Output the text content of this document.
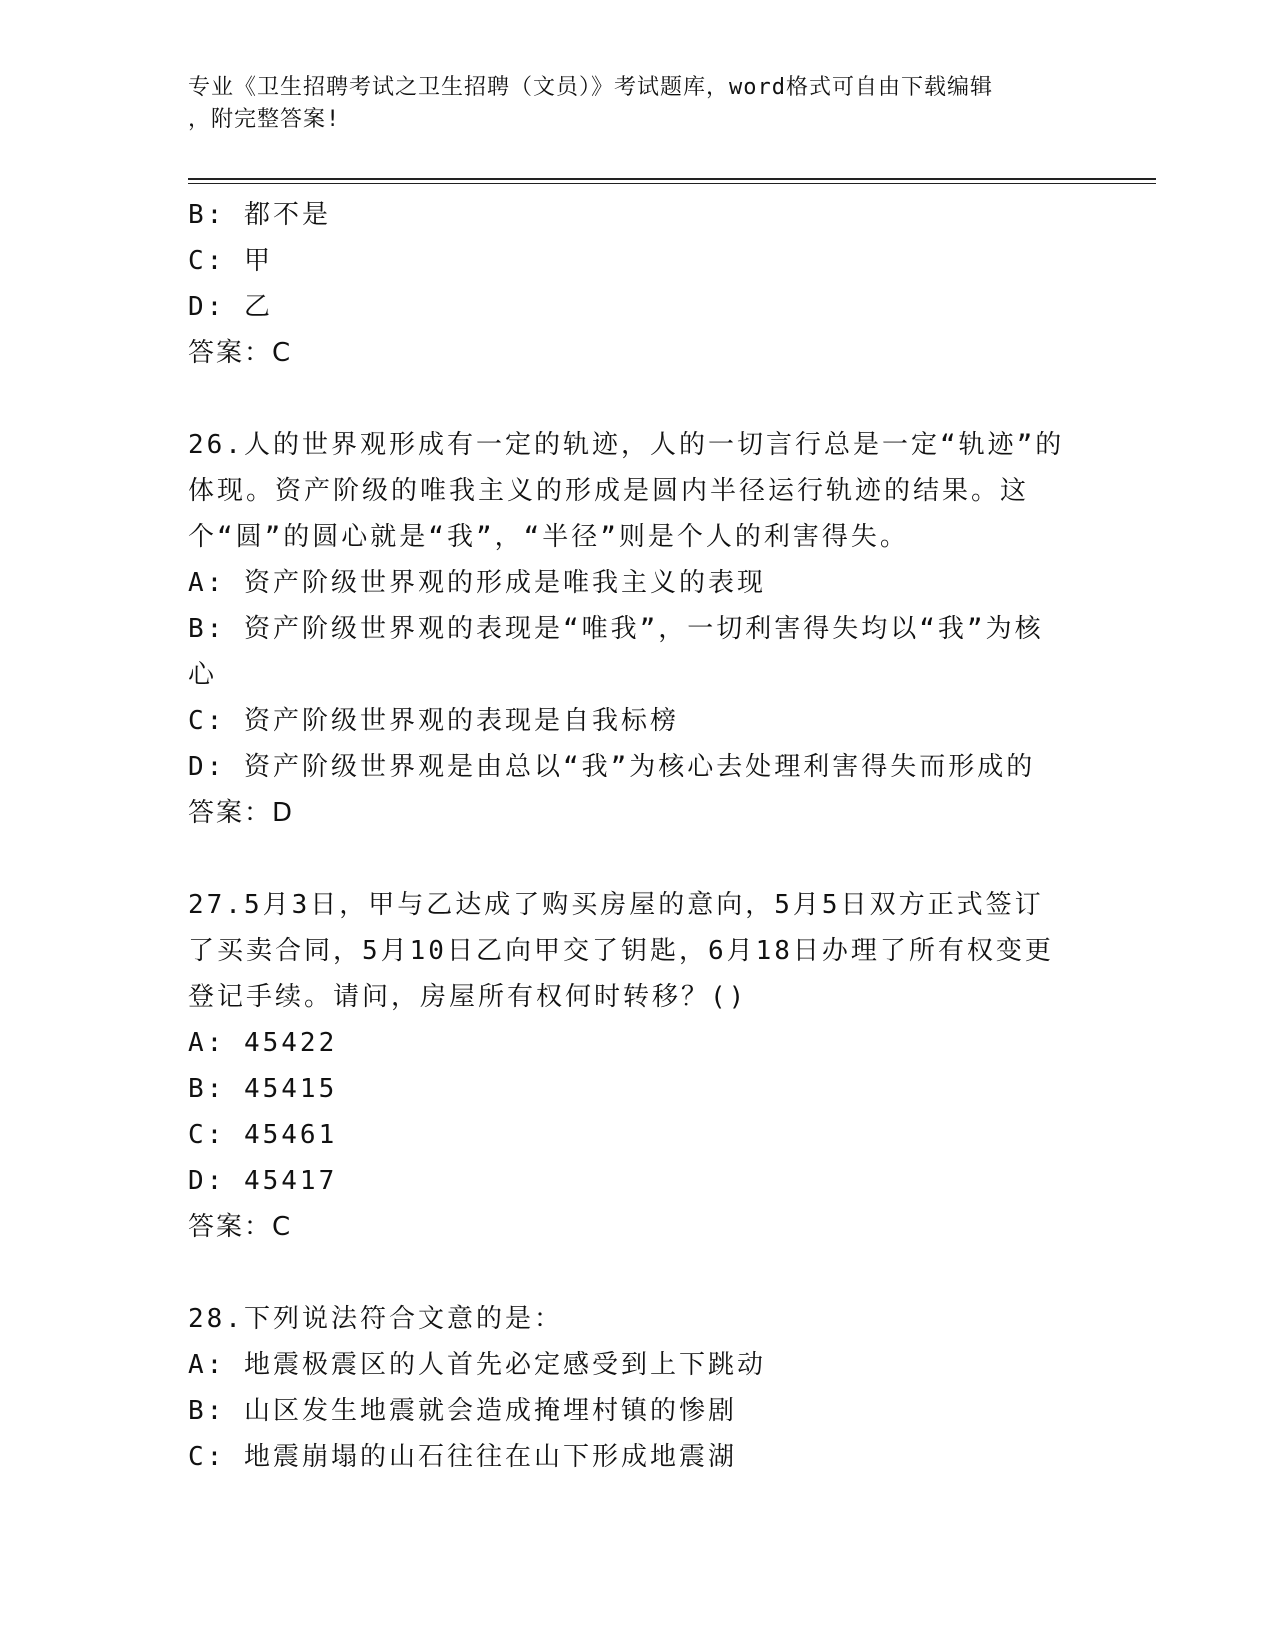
专业《卫生招聘考试之卫生招聘（文员）》考试题库，word格式可自由下载编辑
，附完整答案!

B: 都不是

C: 甲

D: 乙

答案：C

26.人的世界观形成有一定的轨迹，人的一切言行总是一定“轨迹”的体现。资产阶级的唯我主义的形成是圆内半径运行轨迹的结果。这个“圆”的圆心就是“我”，“半径”则是个人的利害得失。

A: 资产阶级世界观的形成是唯我主义的表现

B: 资产阶级世界观的表现是“唯我”，一切利害得失均以“我”为核心

C: 资产阶级世界观的表现是自我标榜

D: 资产阶级世界观是由总以“我”为核心去处理利害得失而形成的

答案：D

27.5月3日，甲与乙达成了购买房屋的意向，5月5日双方正式签订了买卖合同，5月10日乙向甲交了钥匙，6月18日办理了所有权变更登记手续。请问，房屋所有权何时转移？()

A: 45422

B: 45415

C: 45461

D: 45417

答案：C

28.下列说法符合文意的是：

A: 地震极震区的人首先必定感受到上下跳动

B: 山区发生地震就会造成掩埋村镇的惨剧

C: 地震崩塌的山石往往在山下形成地震湖
